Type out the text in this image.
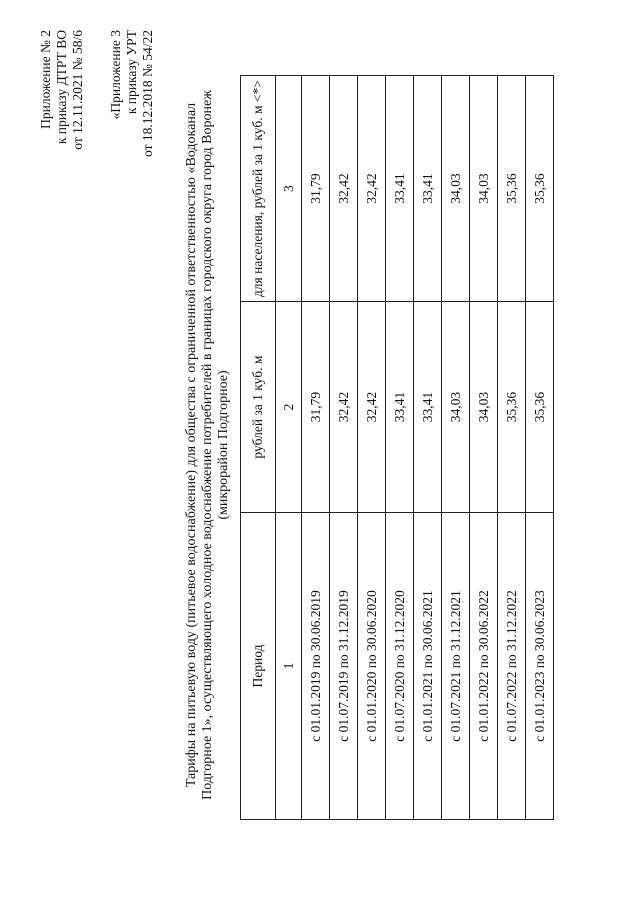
Приложение № 2 к приказу ДТРТ ВО от 12.11.2021 № 58/6 «Приложение 3 к приказу УРТ от 18.12.2018 № 54/22
Тарифы на питьевую воду (питьевое водоснабжение) для общества с ограниченной ответственностью «Водоканал Подгорное 1», осуществляющего холодное водоснабжение потребителей в границах городского округа город Воронеж (микрорайон Подгорное)
Период	рублей за 1 куб. м	для населения, рублей за 1 куб. м <*>
1	2	3
с 01.01.2019 по 30.06.2019	31,79	31,79
с 01.07.2019 по 31.12.2019	32,42	32,42
с 01.01.2020 по 30.06.2020	32,42	32,42
с 01.07.2020 по 31.12.2020	33,41	33,41
с 01.01.2021 по 30.06.2021	33,41	33,41
с 01.07.2021 по 31.12.2021	34,03	34,03
с 01.01.2022 по 30.06.2022	34,03	34,03
с 01.07.2022 по 31.12.2022	35,36	35,36
с 01.01.2023 по 30.06.2023	35,36	35,36
